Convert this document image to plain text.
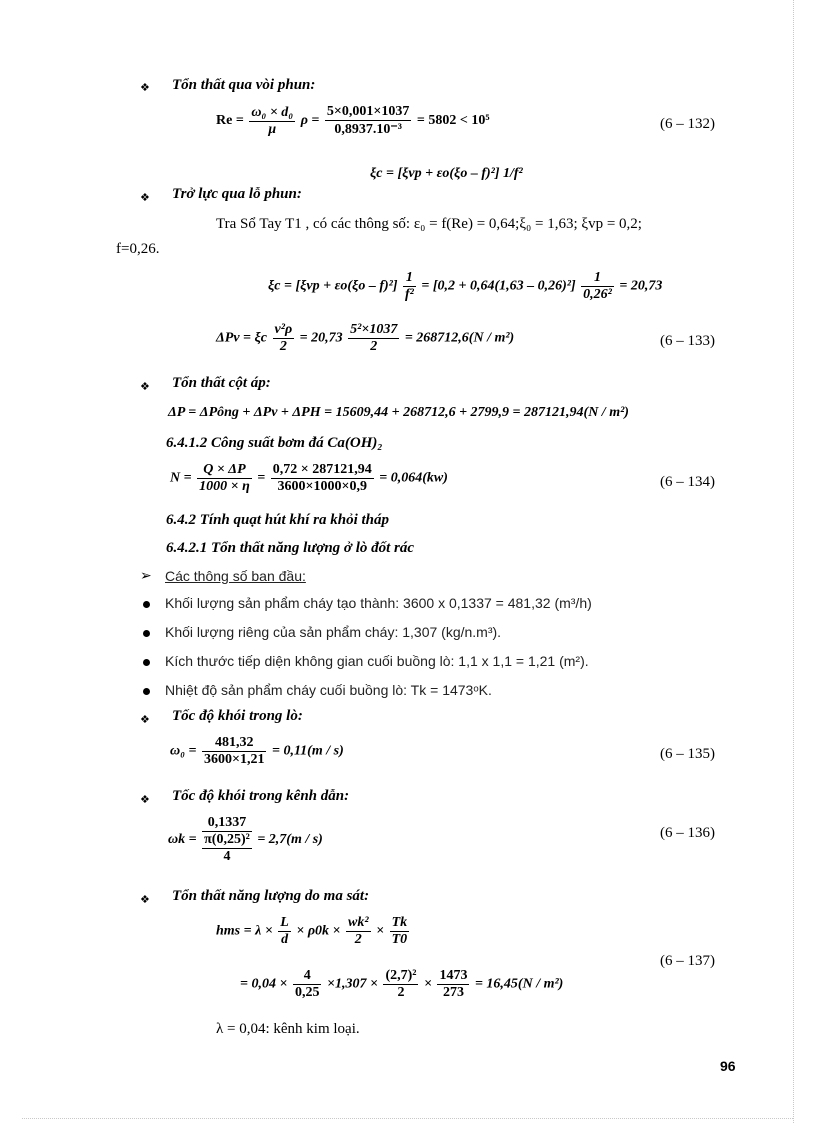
❖ Tổn thất qua vòi phun:
$Re = \frac{\text{ω₀ × d₀}}{\mu}$ $\rho = \frac{5\times 0,001\times 1037}{\text{0,8937.10⁻³}} = 5802 < 10^5$	(6 – 132)
ξc = [ξvp + εo(ξo – f)²] 1/f²
❖ Trở lực qua lỗ phun:
Tra Sổ Tay T1 , có các thông số: ε₀ = f(Re) = 0,64;ξ₀ = 1,63; ξvp = 0,2;
f=0,26.
$\xi c = [\xi vp + \varepsilon o(\xi o - f)^2] \frac{1}{\text{f²}} = [0,2 + 0,64(1,63 - 0,26)^2] \frac{1}{\text{0,26²}} = 20,73$
ΔPv = ξc $\frac{\text{v²ρ}}{2} = 20,73 \frac{\text{5²×1037}}{2} = 268712,6(N / m^2)$	(6 – 133)
❖ Tổn thất cột áp:
ΔP = ΔPông + ΔPv + ΔPH = 15609,44 + 268712,6 + 2799,9 = 287121,94(N / m²)
6.4.1.2 Công suất bơm đá Ca(OH)₂
$N = \frac{Q \times \Delta P}{1000 \times \eta} = \frac{0,72 \times 287121,94}{3600\times 1000\times 0,9} = 0,064(kw)$	(6 – 134)
6.4.2 Tính quạt hút khí ra khỏi tháp
6.4.2.1 Tổn thất năng lượng ở lò đốt rác
➢ Các thông số ban đầu:
Khối lượng sản phẩm cháy tạo thành: 3600 x 0,1337 = 481,32 (m³/h)
Khối lượng riêng của sản phẩm cháy: 1,307 (kg/n.m³).
Kích thước tiếp diện không gian cuối buồng lò: 1,1 x 1,1 = 1,21 (m²).
Nhiệt độ sản phẩm cháy cuối buồng lò: Tk = 1473ᵒK.
❖ Tốc độ khói trong lò:
$\omega_0 = \frac{481,32}{3600\times 1,21} = 0,11(m / s)$	(6 – 135)
❖ Tốc độ khói trong kênh dẫn:
ωk =
0,1337
π(0,25)²
4
= 2,7(m / s)	(6 – 136)
❖ Tổn thất năng lượng do ma sát:
hms = $\lambda \times \frac{L}{d} \times \rho 0k \times \frac{\text{wk²}}{2} \times \frac{Tk}{T0}$
(6 – 137)
= $0,04 \times \frac{4}{0,25} \times 1,307 \times \frac{\text{(2,7)²}}{2} \times \frac{1473}{273} = 16,45(N / m^2)$
λ = 0,04: kênh kim loại.
96
